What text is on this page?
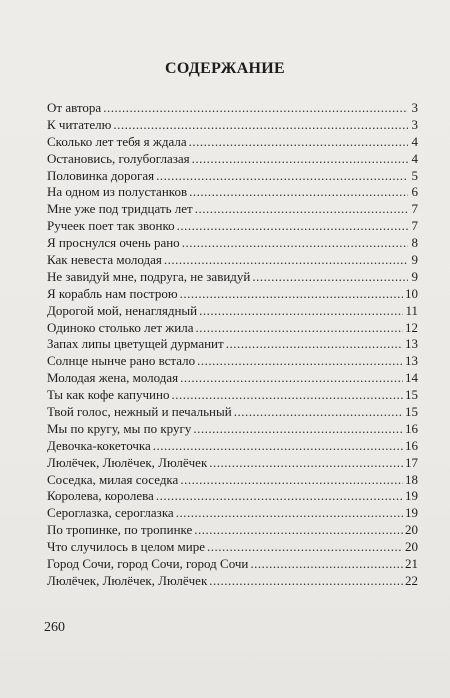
СОДЕРЖАНИЕ
От автора .....	3
К читателю .....	3
Сколько лет тебя я ждала .....	4
Остановись, голубоглазая .....	4
Половинка дорогая .....	5
На одном из полустанков .....	6
Мне уже под тридцать лет .....	7
Ручеек поет так звонко .....	7
Я проснулся очень рано .....	8
Как невеста молодая .....	9
Не завидуй мне, подруга, не завидуй .....	9
Я корабль нам построю .....	10
Дорогой мой, ненаглядный .....	11
Одиноко столько лет жила .....	12
Запах липы цветущей дурманит .....	13
Солнце нынче рано встало .....	13
Молодая жена, молодая .....	14
Ты как кофе капучино .....	15
Твой голос, нежный и печальный .....	15
Мы по кругу, мы по кругу .....	16
Девочка-кокеточка .....	16
Люлёчек, Люлёчек, Люлёчек .....	17
Соседка, милая соседка .....	18
Королева, королева .....	19
Сероглазка, сероглазка .....	19
По тропинке, по тропинке .....	20
Что случилось в целом мире .....	20
Город Сочи, город Сочи, город Сочи .....	21
Люлёчек, Люлёчек, Люлёчек .....	22
260
